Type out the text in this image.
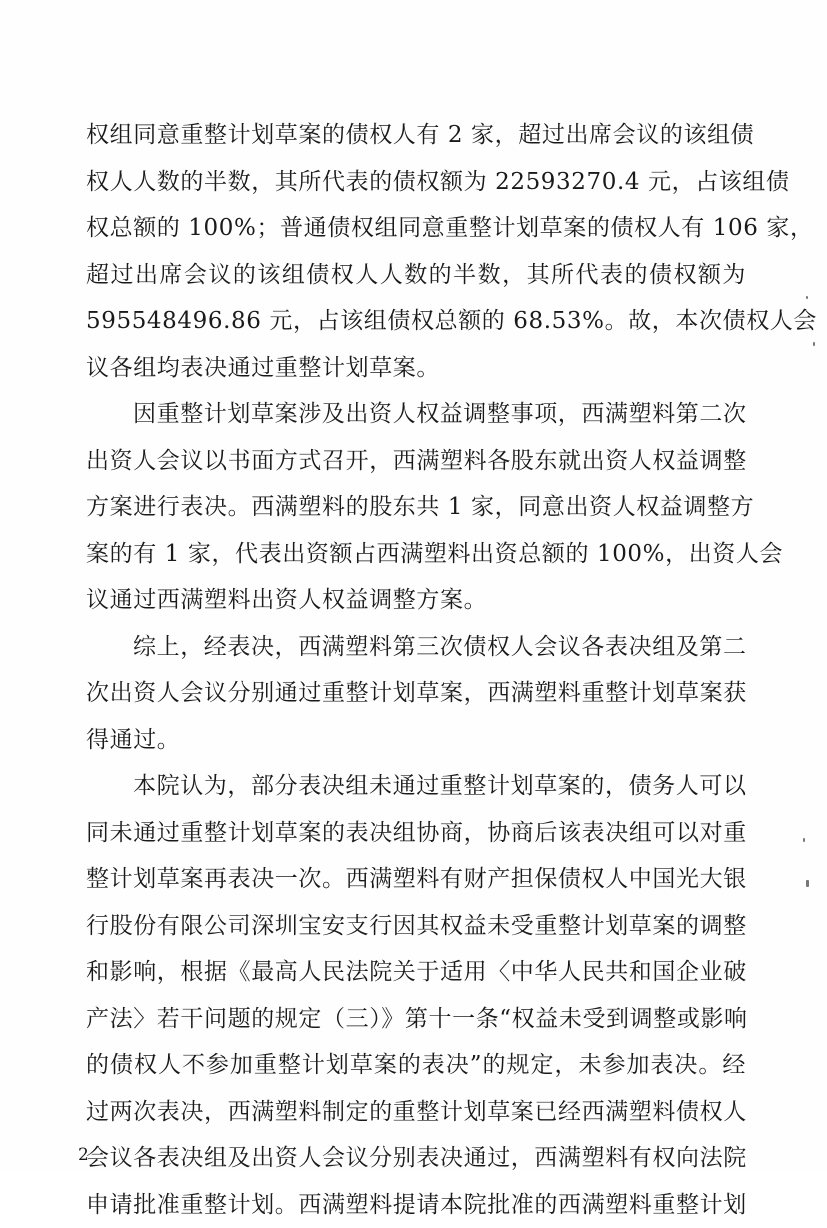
权组同意重整计划草案的债权人有 2 家，超过出席会议的该组债
权人人数的半数，其所代表的债权额为 22593270.4 元，占该组债
权总额的 100%；普通债权组同意重整计划草案的债权人有 106 家，
超过出席会议的该组债权人人数的半数，其所代表的债权额为
595548496.86 元，占该组债权总额的 68.53%。故，本次债权人会
议各组均表决通过重整计划草案。
因重整计划草案涉及出资人权益调整事项，西满塑料第二次
出资人会议以书面方式召开，西满塑料各股东就出资人权益调整
方案进行表决。西满塑料的股东共 1 家，同意出资人权益调整方
案的有 1 家，代表出资额占西满塑料出资总额的 100%，出资人会
议通过西满塑料出资人权益调整方案。
综上，经表决，西满塑料第三次债权人会议各表决组及第二
次出资人会议分别通过重整计划草案，西满塑料重整计划草案获
得通过。
本院认为，部分表决组未通过重整计划草案的，债务人可以
同未通过重整计划草案的表决组协商，协商后该表决组可以对重
整计划草案再表决一次。西满塑料有财产担保债权人中国光大银
行股份有限公司深圳宝安支行因其权益未受重整计划草案的调整
和影响，根据《最高人民法院关于适用〈中华人民共和国企业破
产法〉若干问题的规定（三）》第十一条“权益未受到调整或影响
的债权人不参加重整计划草案的表决”的规定，未参加表决。经
过两次表决，西满塑料制定的重整计划草案已经西满塑料债权人
会议各表决组及出资人会议分别表决通过，西满塑料有权向法院
申请批准重整计划。西满塑料提请本院批准的西满塑料重整计划
2
